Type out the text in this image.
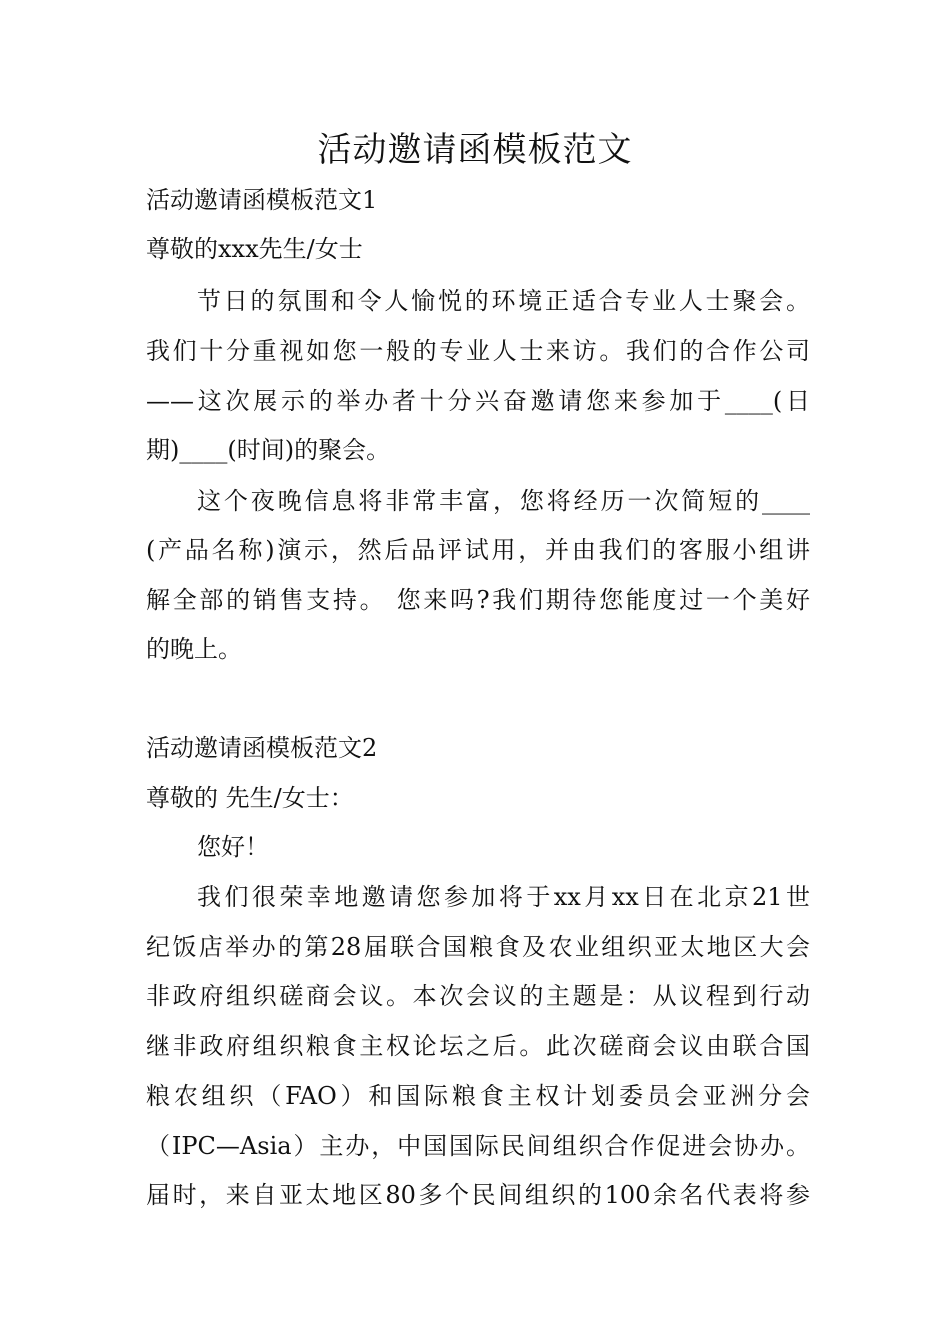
活动邀请函模板范文
活动邀请函模板范文1
尊敬的xxx先生/女士
节日的氛围和令人愉悦的环境正适合专业人士聚会。
我们十分重视如您一般的专业人士来访。我们的合作公司
——这次展示的举办者十分兴奋邀请您来参加于____(日
期)____(时间)的聚会。
这个夜晚信息将非常丰富，您将经历一次简短的____
(产品名称)演示，然后品评试用，并由我们的客服小组讲
解全部的销售支持。 您来吗?我们期待您能度过一个美好
的晚上。
活动邀请函模板范文2
尊敬的 先生/女士：
您好！
我们很荣幸地邀请您参加将于xx月xx日在北京21世
纪饭店举办的第28届联合国粮食及农业组织亚太地区大会
非政府组织磋商会议。本次会议的主题是：从议程到行动
继非政府组织粮食主权论坛之后。此次磋商会议由联合国
粮农组织（FAO）和国际粮食主权计划委员会亚洲分会
（IPC—Asia）主办，中国国际民间组织合作促进会协办。
届时，来自亚太地区80多个民间组织的100余名代表将参
